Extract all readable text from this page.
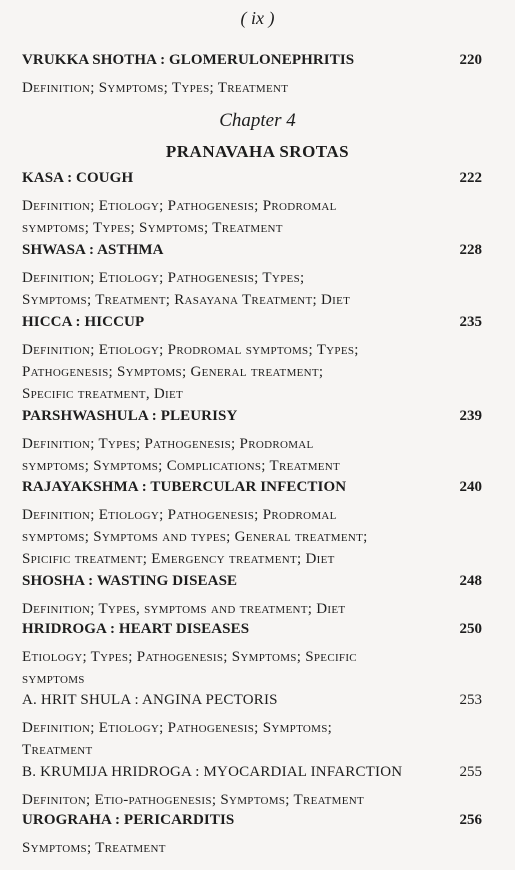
( ix )
VRUKKA SHOTHA : GLOMERULONEPHRITIS	220
Definition; Symptoms; Types; Treatment
Chapter 4
PRANAVAHA SROTAS
KASA : COUGH	222
Definition; Etiology; Pathogenesis; Prodromal
symptoms; Types; Symptoms; Treatment
SHWASA : ASTHMA	228
Definition; Etiology; Pathogenesis; Types;
Symptoms; Treatment; Rasayana Treatment; Diet
HICCA : HICCUP	235
Definition; Etiology; Prodromal symptoms; Types;
Pathogenesis; Symptoms; General treatment;
Specific treatment, Diet
PARSHWASHULA : PLEURISY	239
Definition; Types; Pathogenesis; Prodromal
symptoms; Symptoms; Complications; Treatment
RAJAYAKSHMA : TUBERCULAR INFECTION	240
Definition; Etiology; Pathogenesis; Prodromal
symptoms; Symptoms and types; General treatment;
Spicific treatment; Emergency treatment; Diet
SHOSHA : WASTING DISEASE	248
Definition; Types, symptoms and treatment; Diet
HRIDROGA : HEART DISEASES	250
Etiology; Types; Pathogenesis; Symptoms; Specific
symptoms
A. HRIT SHULA : ANGINA PECTORIS	253
Definition; Etiology; Pathogenesis; Symptoms;
Treatment
B. KRUMIJA HRIDROGA : MYOCARDIAL INFARCTION	255
Definiton; Etio-pathogenesis; Symptoms; Treatment
UROGRAHA : PERICARDITIS	256
Symptoms; Treatment
